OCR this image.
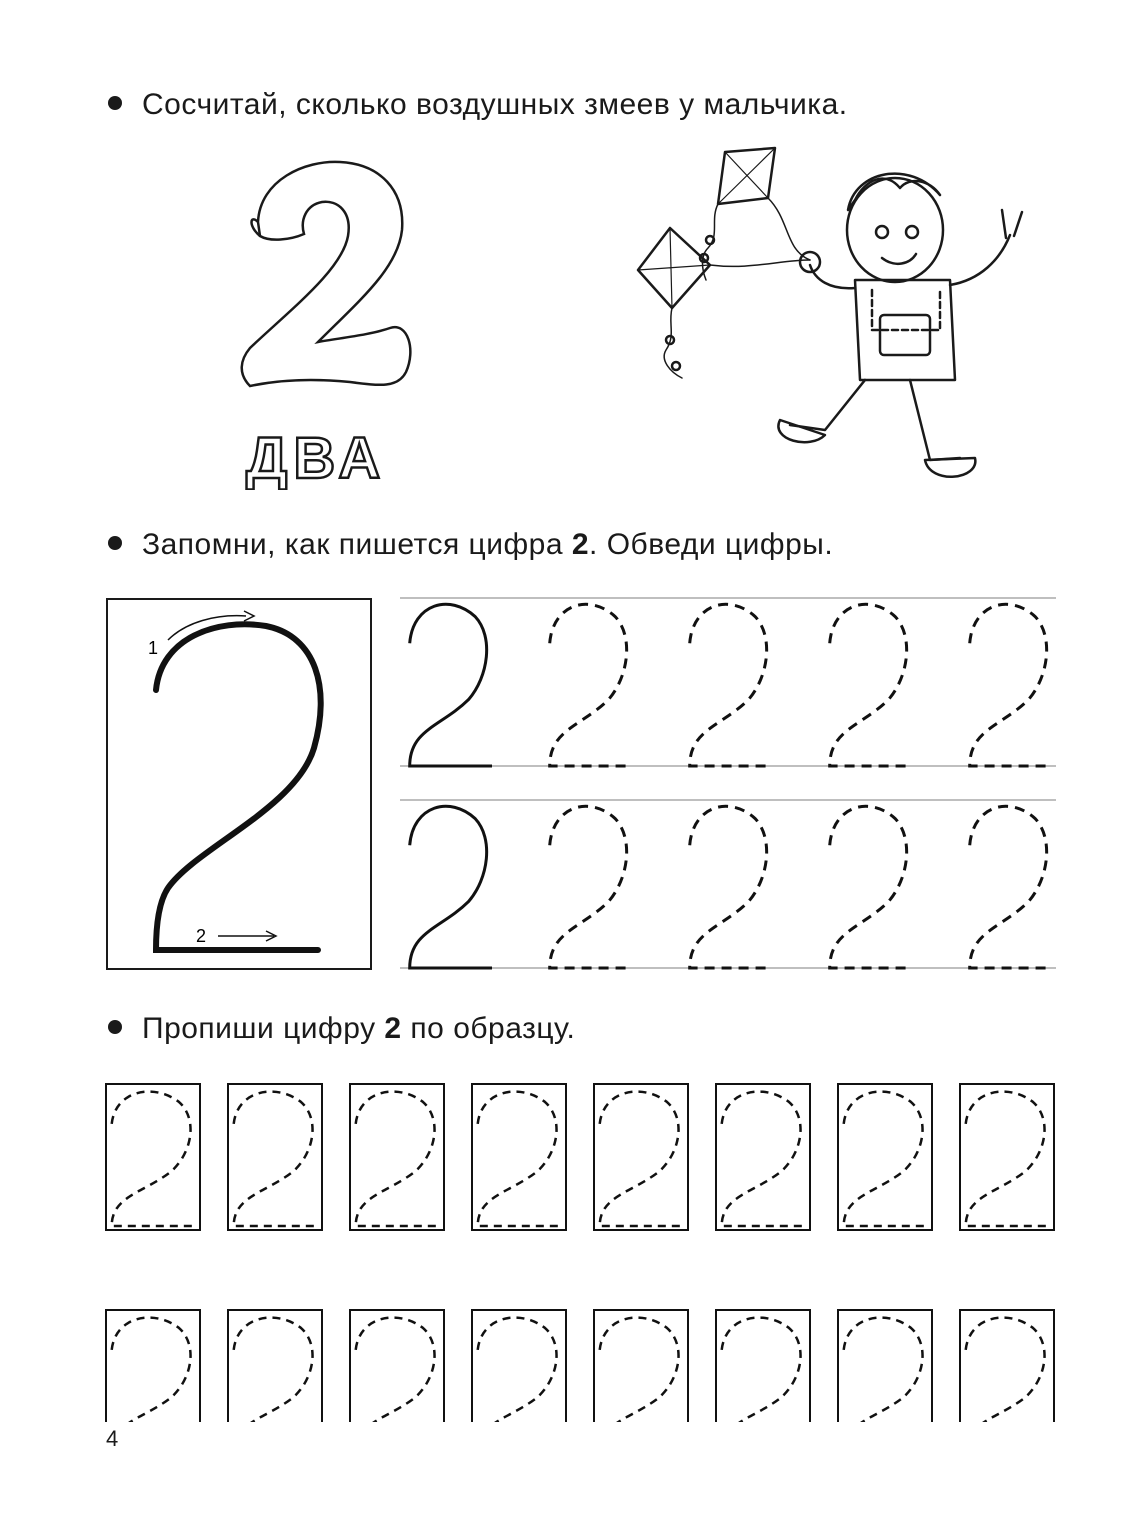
Сосчитай, сколько воздушных змеев у мальчика.
ДВА
Запомни, как пишется цифра 2. Обведи цифры.
1
2
Пропиши цифру 2 по образцу.
4
